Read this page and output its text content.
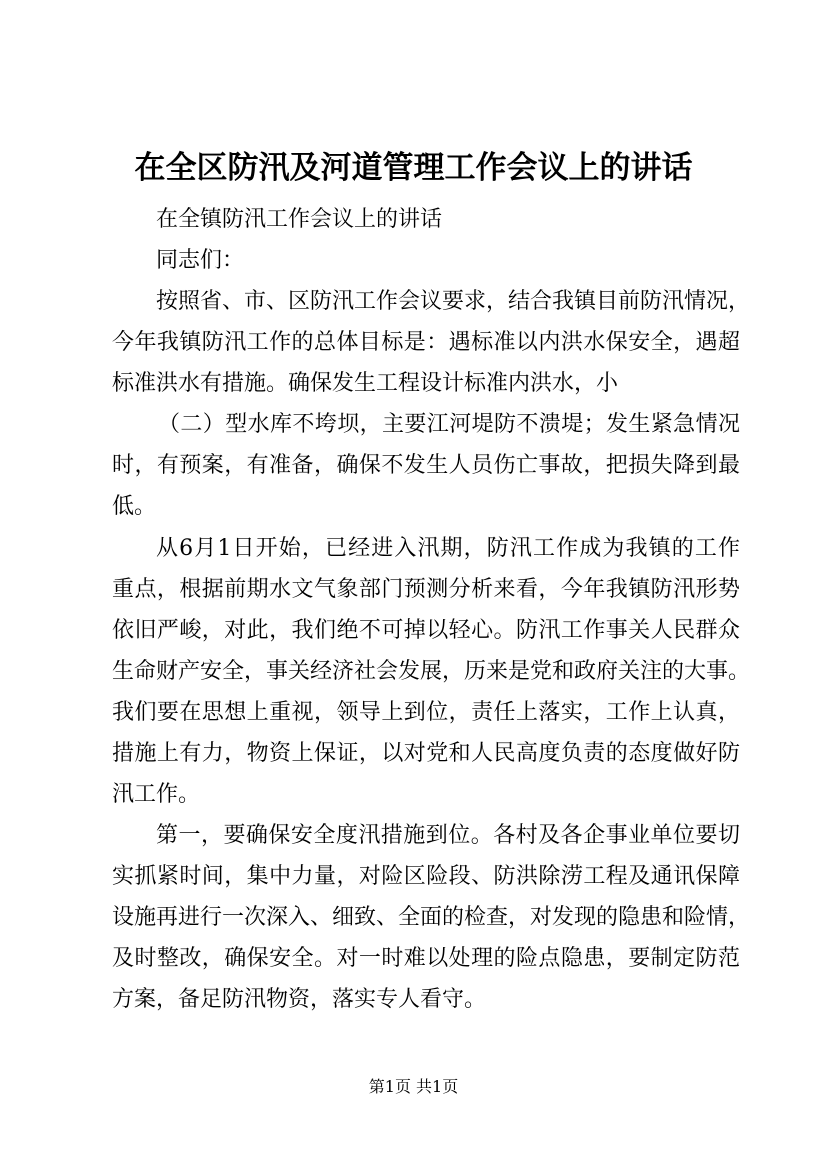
在全区防汛及河道管理工作会议上的讲话
在全镇防汛工作会议上的讲话
同志们：
按照省、市、区防汛工作会议要求，结合我镇目前防汛情况，
今年我镇防汛工作的总体目标是：遇标准以内洪水保安全，遇超
标准洪水有措施。确保发生工程设计标准内洪水，小
（二）型水库不垮坝，主要江河堤防不溃堤；发生紧急情况
时，有预案，有准备，确保不发生人员伤亡事故，把损失降到最
低。
从6月1日开始，已经进入汛期，防汛工作成为我镇的工作
重点，根据前期水文气象部门预测分析来看，今年我镇防汛形势
依旧严峻，对此，我们绝不可掉以轻心。防汛工作事关人民群众
生命财产安全，事关经济社会发展，历来是党和政府关注的大事。
我们要在思想上重视，领导上到位，责任上落实，工作上认真，
措施上有力，物资上保证，以对党和人民高度负责的态度做好防
汛工作。
第一，要确保安全度汛措施到位。各村及各企事业单位要切
实抓紧时间，集中力量，对险区险段、防洪除涝工程及通讯保障
设施再进行一次深入、细致、全面的检查，对发现的隐患和险情，
及时整改，确保安全。对一时难以处理的险点隐患，要制定防范
方案，备足防汛物资，落实专人看守。
第1页 共1页
